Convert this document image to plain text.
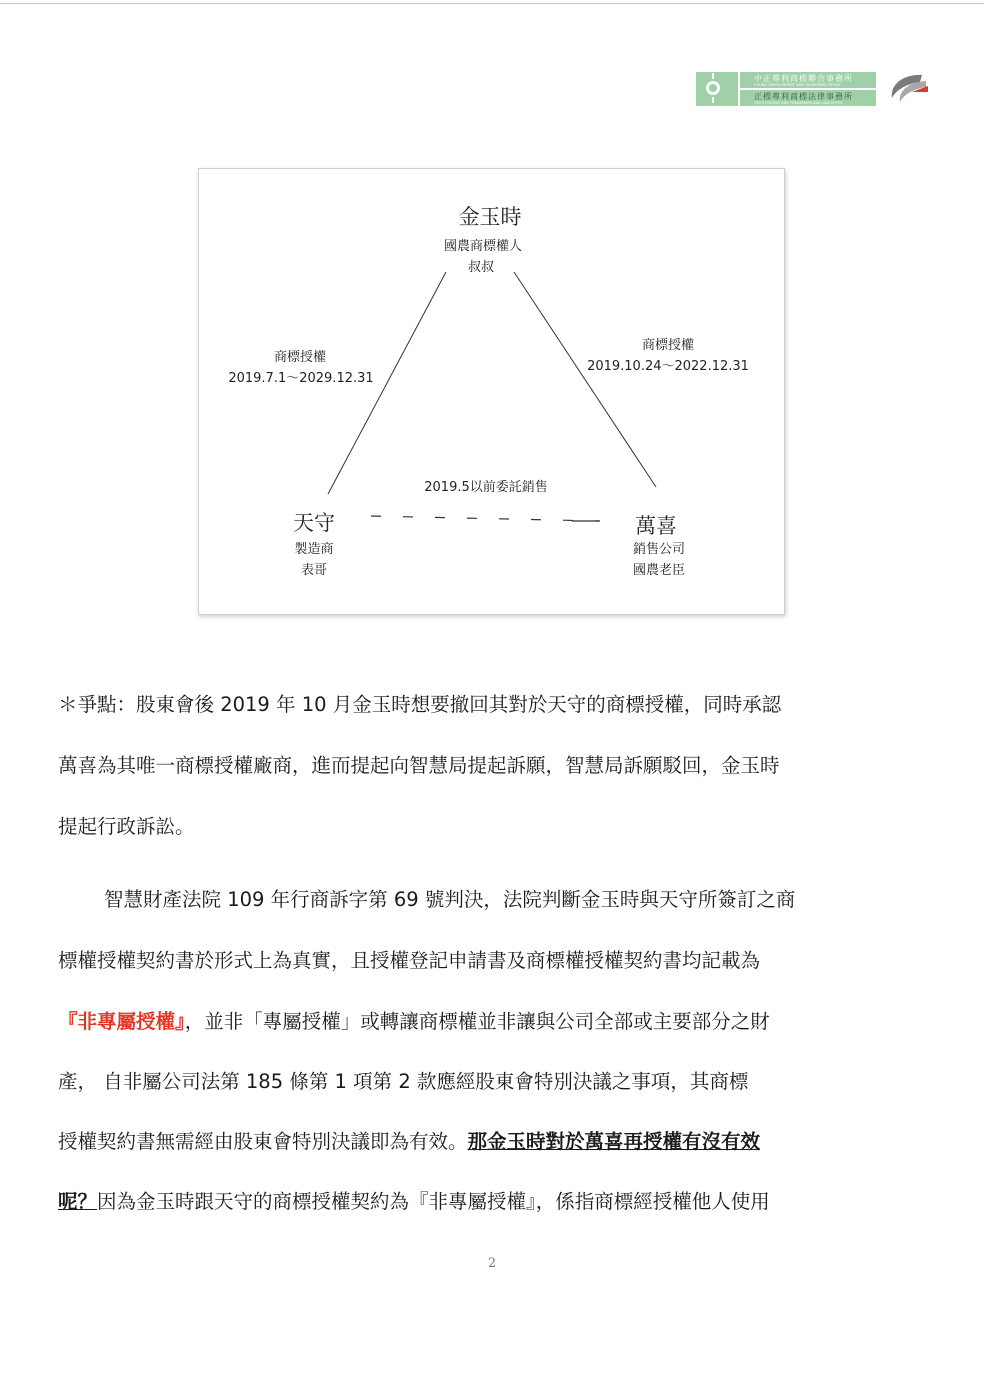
中正專利商標聯合事務所
CHUNG CHENG PATENT AND TRADEMARK OFFICE
正標專利商標法律事務所
TRUTH PATENT AND TRADEMARK AND LAW OFFICE
金玉時
國農商標權人
叔叔
商標授權
2019.7.1～2029.12.31
商標授權
2019.10.24～2022.12.31
2019.5以前委託銷售
天守
製造商
表哥
萬喜
銷售公司
國農老臣
＊爭點：股東會後 2019 年 10 月金玉時想要撤回其對於天守的商標授權，同時承認
萬喜為其唯一商標授權廠商，進而提起向智慧局提起訴願，智慧局訴願駁回，金玉時
提起行政訴訟。
智慧財產法院 109 年行商訴字第 69 號判決，法院判斷金玉時與天守所簽訂之商
標權授權契約書於形式上為真實，且授權登記申請書及商標權授權契約書均記載為
『非專屬授權』，並非「專屬授權」或轉讓商標權並非讓與公司全部或主要部分之財
產， 自非屬公司法第 185 條第 1 項第 2 款應經股東會特別決議之事項，其商標
授權契約書無需經由股東會特別決議即為有效。那金玉時對於萬喜再授權有沒有效
呢？因為金玉時跟天守的商標授權契約為『非專屬授權』，係指商標經授權他人使用
2
